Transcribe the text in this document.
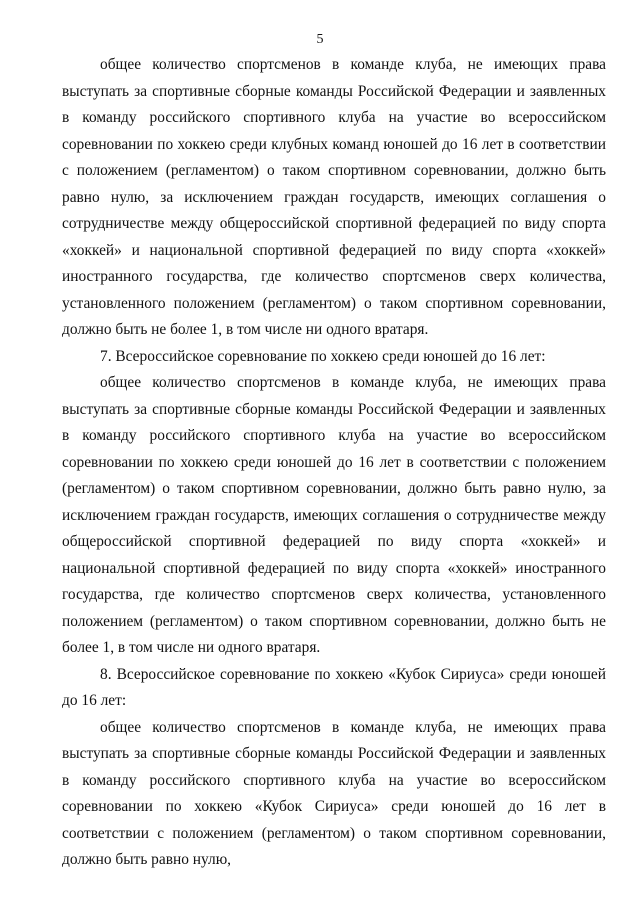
5

общее количество спортсменов в команде клуба, не имеющих права выступать за спортивные сборные команды Российской Федерации и заявленных в команду российского спортивного клуба на участие во всероссийском соревновании по хоккею среди клубных команд юношей до 16 лет в соответствии с положением (регламентом) о таком спортивном соревновании, должно быть равно нулю, за исключением граждан государств, имеющих соглашения о сотрудничестве между общероссийской спортивной федерацией по виду спорта «хоккей» и национальной спортивной федерацией по виду спорта «хоккей» иностранного государства, где количество спортсменов сверх количества, установленного положением (регламентом) о таком спортивном соревновании, должно быть не более 1, в том числе ни одного вратаря.

7. Всероссийское соревнование по хоккею среди юношей до 16 лет:

общее количество спортсменов в команде клуба, не имеющих права выступать за спортивные сборные команды Российской Федерации и заявленных в команду российского спортивного клуба на участие во всероссийском соревновании по хоккею среди юношей до 16 лет в соответствии с положением (регламентом) о таком спортивном соревновании, должно быть равно нулю, за исключением граждан государств, имеющих соглашения о сотрудничестве между общероссийской спортивной федерацией по виду спорта «хоккей» и национальной спортивной федерацией по виду спорта «хоккей» иностранного государства, где количество спортсменов сверх количества, установленного положением (регламентом) о таком спортивном соревновании, должно быть не более 1, в том числе ни одного вратаря.

8. Всероссийское соревнование по хоккею «Кубок Сириуса» среди юношей до 16 лет:

общее количество спортсменов в команде клуба, не имеющих права выступать за спортивные сборные команды Российской Федерации и заявленных в команду российского спортивного клуба на участие во всероссийском соревновании по хоккею «Кубок Сириуса» среди юношей до 16 лет в соответствии с положением (регламентом) о таком спортивном соревновании, должно быть равно нулю,
